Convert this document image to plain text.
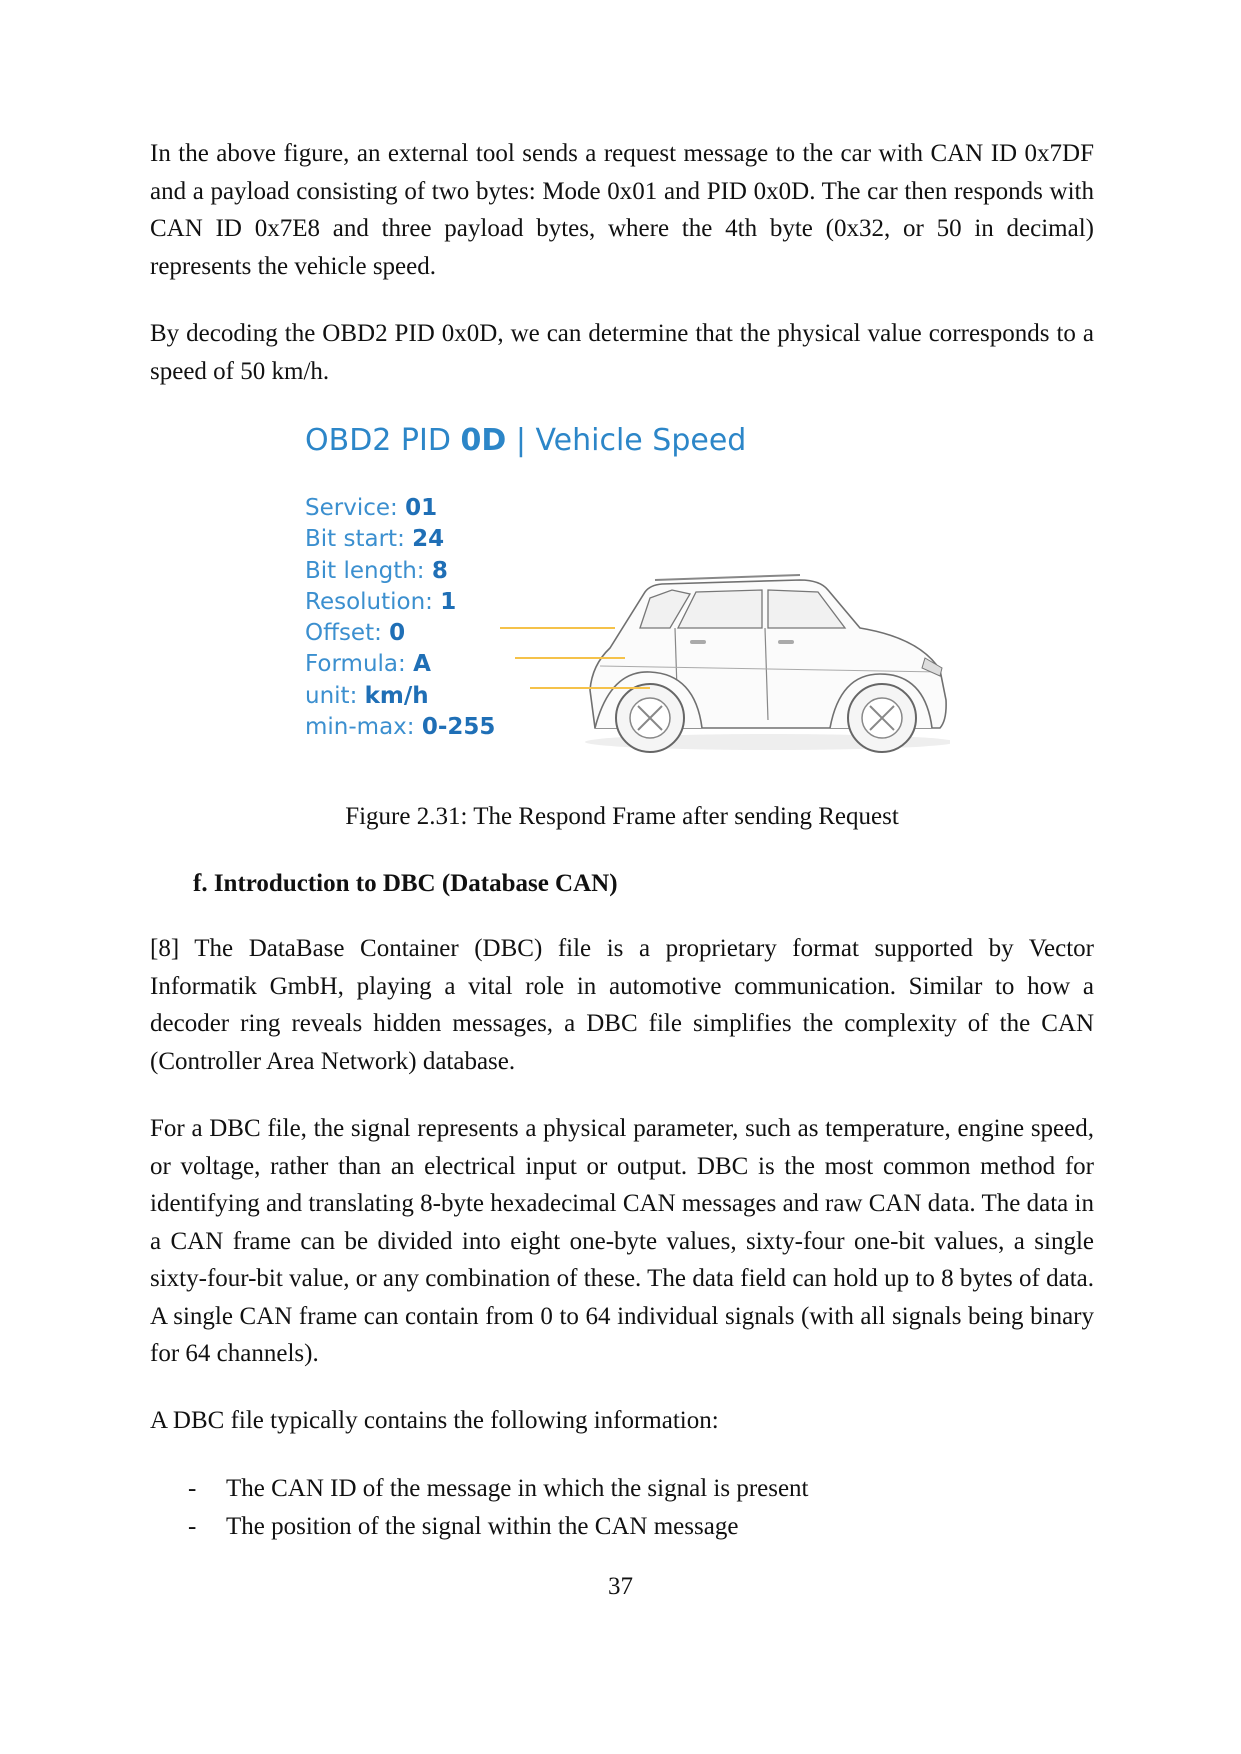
In the above figure, an external tool sends a request message to the car with CAN ID 0x7DF and a payload consisting of two bytes: Mode 0x01 and PID 0x0D. The car then responds with CAN ID 0x7E8 and three payload bytes, where the 4th byte (0x32, or 50 in decimal) represents the vehicle speed.
By decoding the OBD2 PID 0x0D, we can determine that the physical value corresponds to a speed of 50 km/h.
OBD2 PID 0D | Vehicle Speed
Service: 01
Bit start: 24
Bit length: 8
Resolution: 1
Offset: 0
Formula: A
unit: km/h
min-max: 0-255
Figure 2.31: The Respond Frame after sending Request
f. Introduction to DBC (Database CAN)
[8] The DataBase Container (DBC) file is a proprietary format supported by Vector Informatik GmbH, playing a vital role in automotive communication. Similar to how a decoder ring reveals hidden messages, a DBC file simplifies the complexity of the CAN (Controller Area Network) database.
For a DBC file, the signal represents a physical parameter, such as temperature, engine speed, or voltage, rather than an electrical input or output. DBC is the most common method for identifying and translating 8-byte hexadecimal CAN messages and raw CAN data. The data in a CAN frame can be divided into eight one-byte values, sixty-four one-bit values, a single sixty-four-bit value, or any combination of these. The data field can hold up to 8 bytes of data. A single CAN frame can contain from 0 to 64 individual signals (with all signals being binary for 64 channels).
A DBC file typically contains the following information:
-	The CAN ID of the message in which the signal is present
-	The position of the signal within the CAN message
37
